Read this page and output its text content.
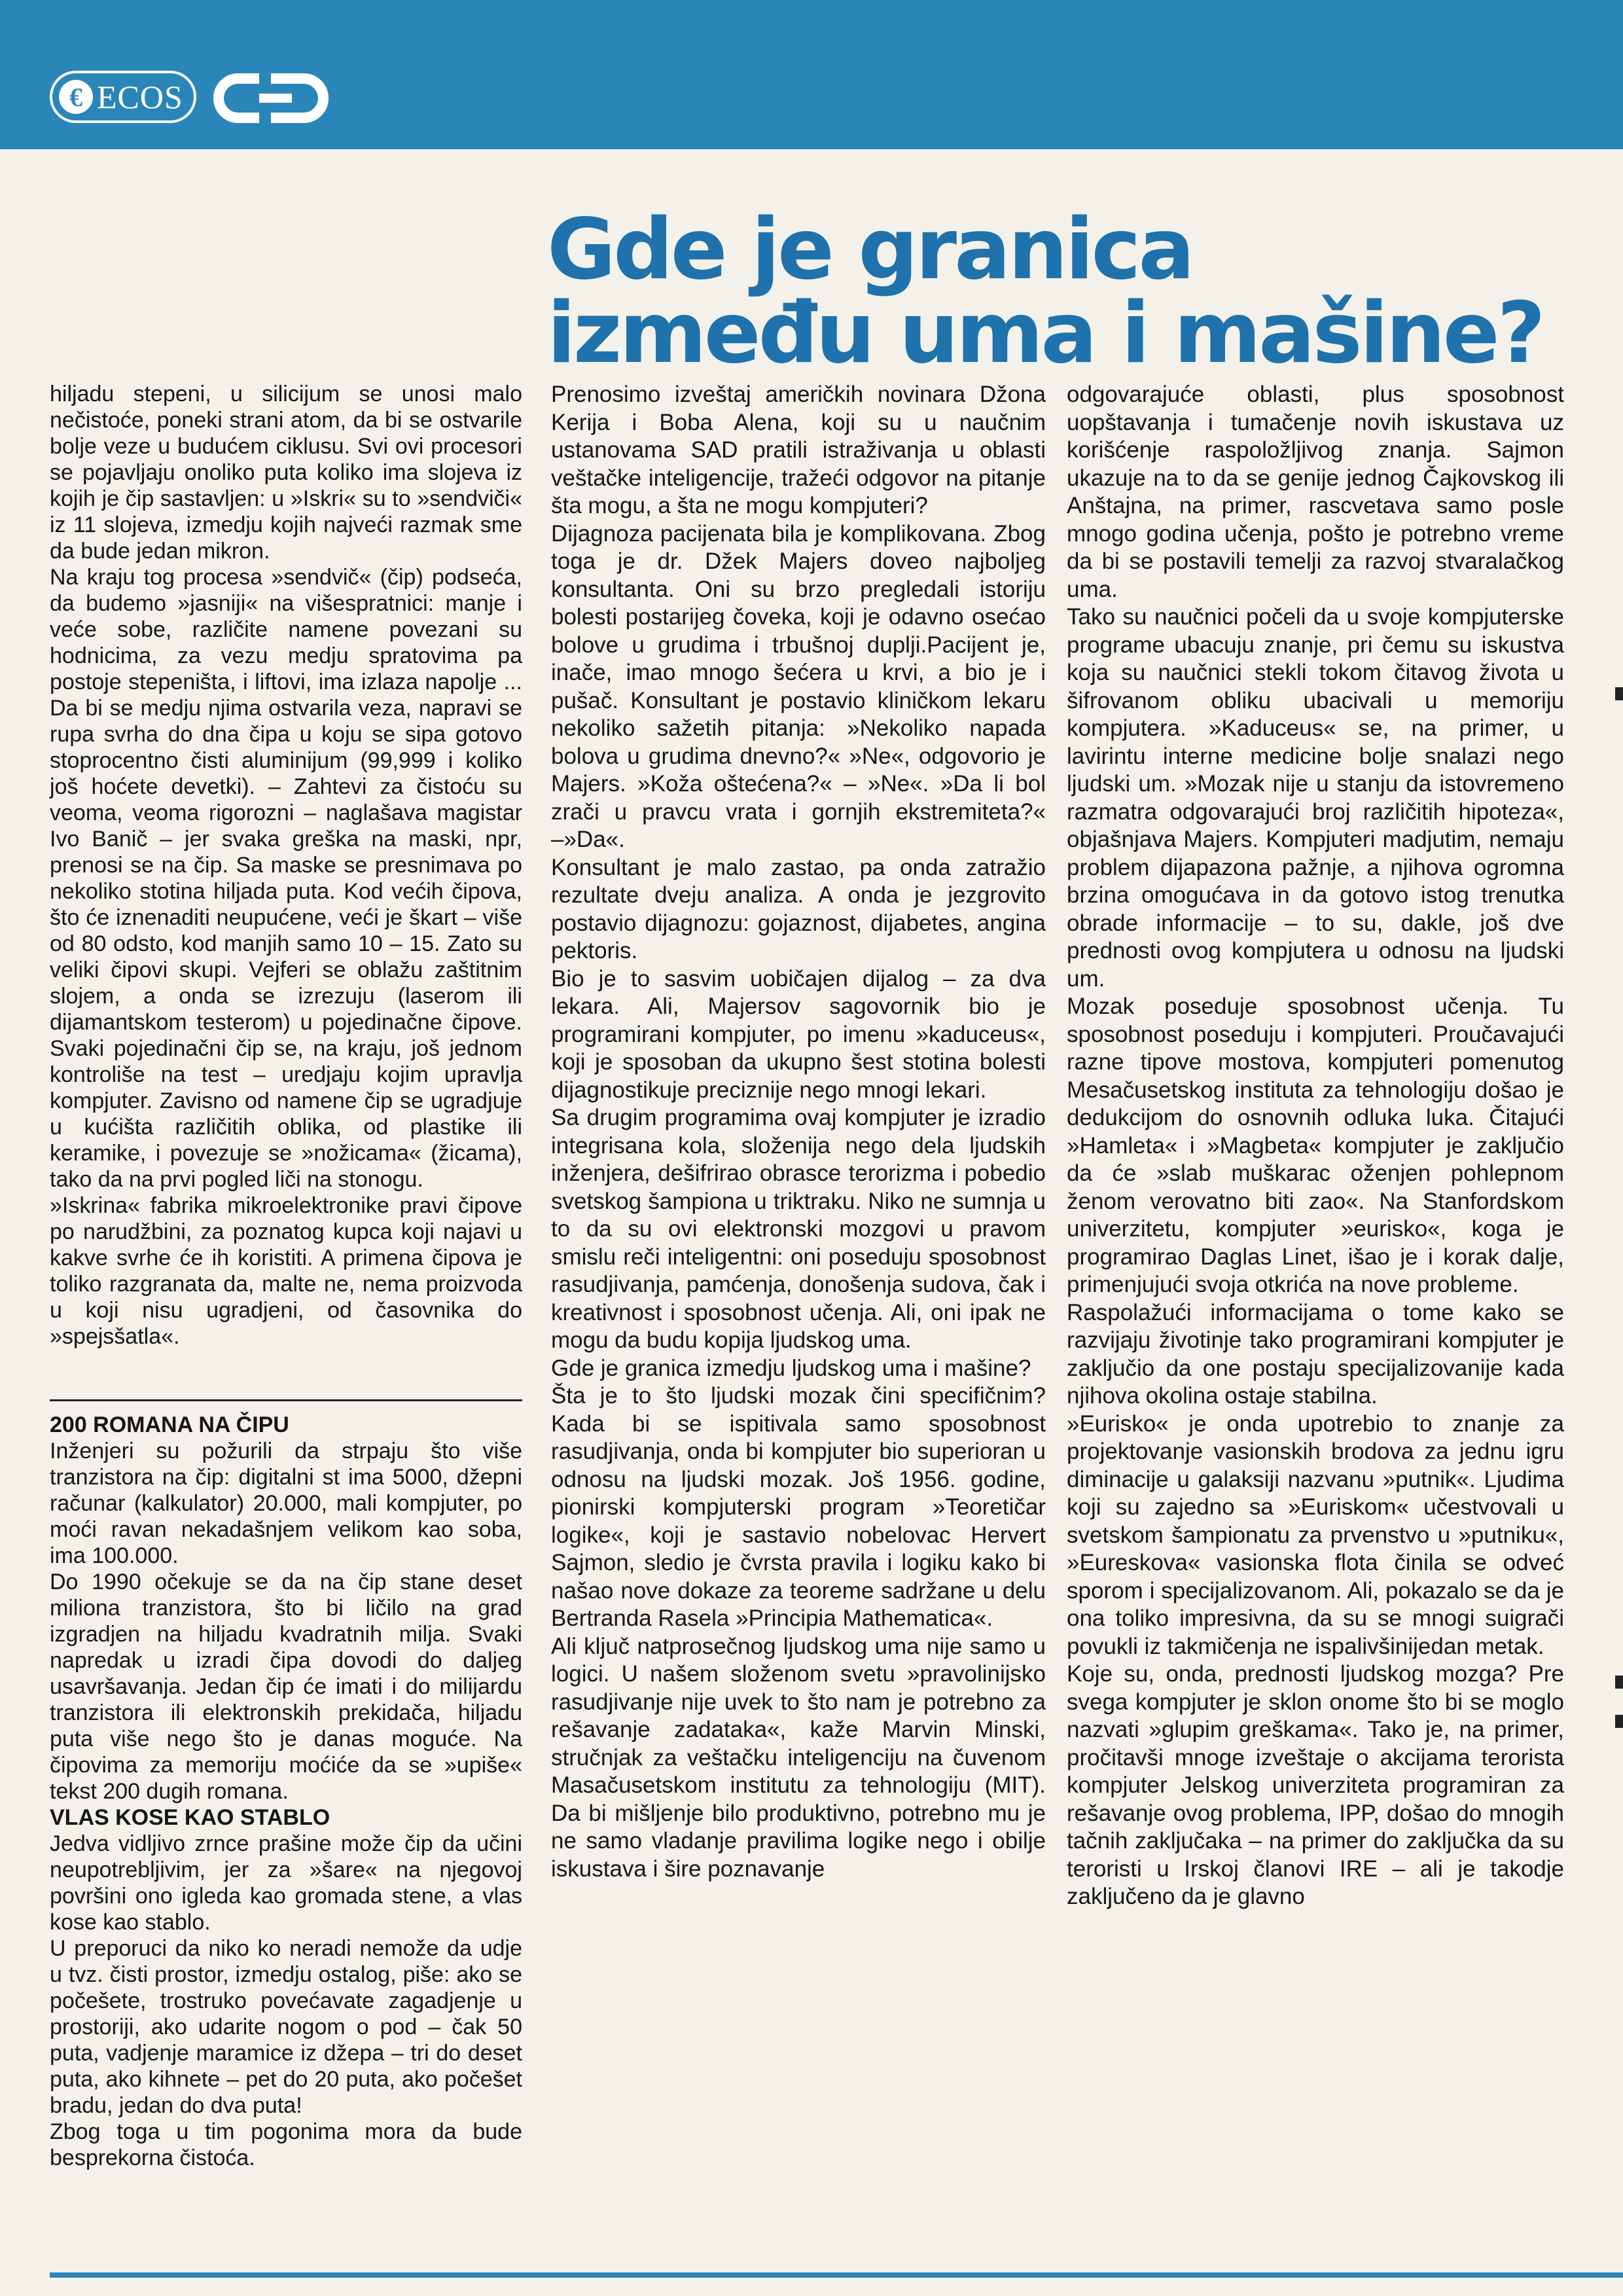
€ ECOS
Gde je granica
između uma i mašine?

hiljadu stepeni, u silicijum se unosi malo nečistoće, poneki strani atom, da bi se ostvarile bolje veze u budućem ciklusu. Svi ovi procesori se pojavljaju onoliko puta koliko ima slojeva iz kojih je čip sastavljen: u »Iskri« su to »sendviči« iz 11 slojeva, izmedju kojih najveći razmak sme da bude jedan mikron.

Na kraju tog procesa »sendvič« (čip) podseća, da budemo »jasniji« na višespratnici: manje i veće sobe, različite namene povezani su hodnicima, za vezu medju spratovima pa postoje stepeništa, i liftovi, ima izlaza napolje ... Da bi se medju njima ostvarila veza, napravi se rupa svrha do dna čipa u koju se sipa gotovo stoprocentno čisti aluminijum (99,999 i koliko još hoćete devetki). – Zahtevi za čistoću su veoma, veoma rigorozni – naglašava magistar Ivo Banič – jer svaka greška na maski, npr, prenosi se na čip. Sa maske se presnimava po nekoliko stotina hiljada puta. Kod većih čipova, što će iznenaditi neupućene, veći je škart – više od 80 odsto, kod manjih samo 10 – 15. Zato su veliki čipovi skupi. Vejferi se oblažu zaštitnim slojem, a onda se izrezuju (laserom ili dijamantskom testerom) u pojedinačne čipove. Svaki pojedinačni čip se, na kraju, još jednom kontroliše na test – uredjaju kojim upravlja kompjuter. Zavisno od namene čip se ugradjuje u kućišta različitih oblika, od plastike ili keramike, i povezuje se »nožicama« (žicama), tako da na prvi pogled liči na stonogu.

»Iskrina« fabrika mikroelektronike pravi čipove po narudžbini, za poznatog kupca koji najavi u kakve svrhe će ih koristiti. A primena čipova je toliko razgranata da, malte ne, nema proizvoda u koji nisu ugradjeni, od časovnika do »spejsšatla«.

200 ROMANA NA ČIPU

Inženjeri su požurili da strpaju što više tranzistora na čip: digitalni st ima 5000, džepni računar (kalkulator) 20.000, mali kompjuter, po moći ravan nekadašnjem velikom kao soba, ima 100.000.

Do 1990 očekuje se da na čip stane deset miliona tranzistora, što bi ličilo na grad izgradjen na hiljadu kvadratnih milja. Svaki napredak u izradi čipa dovodi do daljeg usavršavanja. Jedan čip će imati i do milijardu tranzistora ili elektronskih prekidača, hiljadu puta više nego što je danas moguće. Na čipovima za memoriju moćiće da se »upiše« tekst 200 dugih romana.

VLAS KOSE KAO STABLO

Jedva vidljivo zrnce prašine može čip da učini neupotrebljivim, jer za »šare« na njegovoj površini ono igleda kao gromada stene, a vlas kose kao stablo.

U preporuci da niko ko neradi nemože da udje u tvz. čisti prostor, izmedju ostalog, piše: ako se počešete, trostruko povećavate zagadjenje u prostoriji, ako udarite nogom o pod – čak 50 puta, vadjenje maramice iz džepa – tri do deset puta, ako kihnete – pet do 20 puta, ako počešet bradu, jedan do dva puta!

Zbog toga u tim pogonima mora da bude besprekorna čistoća.

Prenosimo izveštaj američkih novinara Džona Kerija i Boba Alena, koji su u naučnim ustanovama SAD pratili istraživanja u oblasti veštačke inteligencije, tražeći odgovor na pitanje šta mogu, a šta ne mogu kompjuteri?

Dijagnoza pacijenata bila je komplikovana. Zbog toga je dr. Džek Majers doveo najboljeg konsultanta. Oni su brzo pregledali istoriju bolesti postarijeg čoveka, koji je odavno osećao bolove u grudima i trbušnoj duplji.Pacijent je, inače, imao mnogo šećera u krvi, a bio je i pušač. Konsultant je postavio kliničkom lekaru nekoliko sažetih pitanja: »Nekoliko napada bolova u grudima dnevno?« »Ne«, odgovorio je Majers. »Koža oštećena?« – »Ne«. »Da li bol zrači u pravcu vrata i gornjih ekstremiteta?« –»Da«.

Konsultant je malo zastao, pa onda zatražio rezultate dveju analiza. A onda je jezgrovito postavio dijagnozu: gojaznost, dijabetes, angina pektoris.

Bio je to sasvim uobičajen dijalog – za dva lekara. Ali, Majersov sagovornik bio je programirani kompjuter, po imenu »kaduceus«, koji je sposoban da ukupno šest stotina bolesti dijagnostikuje preciznije nego mnogi lekari.

Sa drugim programima ovaj kompjuter je izradio integrisana kola, složenija nego dela ljudskih inženjera, dešifrirao obrasce terorizma i pobedio svetskog šampiona u triktraku. Niko ne sumnja u to da su ovi elektronski mozgovi u pravom smislu reči inteligentni: oni poseduju sposobnost rasudjivanja, pamćenja, donošenja sudova, čak i kreativnost i sposobnost učenja. Ali, oni ipak ne mogu da budu kopija ljudskog uma.

Gde je granica izmedju ljudskog uma i mašine?

Šta je to što ljudski mozak čini specifičnim? Kada bi se ispitivala samo sposobnost rasudjivanja, onda bi kompjuter bio superioran u odnosu na ljudski mozak. Još 1956. godine, pionirski kompjuterski program »Teoretičar logike«, koji je sastavio nobelovac Hervert Sajmon, sledio je čvrsta pravila i logiku kako bi našao nove dokaze za teoreme sadržane u delu Bertranda Rasela »Principia Mathematica«.

Ali ključ natprosečnog ljudskog uma nije samo u logici. U našem složenom svetu »pravolinijsko rasudjivanje nije uvek to što nam je potrebno za rešavanje zadataka«, kaže Marvin Minski, stručnjak za veštačku inteligenciju na čuvenom Masačusetskom institutu za tehnologiju (MIT). Da bi mišljenje bilo produktivno, potrebno mu je ne samo vladanje pravilima logike nego i obilje iskustava i šire poznavanje

odgovarajuće oblasti, plus sposobnost uopštavanja i tumačenje novih iskustava uz korišćenje raspoložljivog znanja. Sajmon ukazuje na to da se genije jednog Čajkovskog ili Anštajna, na primer, rascvetava samo posle mnogo godina učenja, pošto je potrebno vreme da bi se postavili temelji za razvoj stvaralačkog uma.

Tako su naučnici počeli da u svoje kompjuterske programe ubacuju znanje, pri čemu su iskustva koja su naučnici stekli tokom čitavog života u šifrovanom obliku ubacivali u memoriju kompjutera. »Kaduceus« se, na primer, u lavirintu interne medicine bolje snalazi nego ljudski um. »Mozak nije u stanju da istovremeno razmatra odgovarajući broj različitih hipoteza«, objašnjava Majers. Kompjuteri madjutim, nemaju problem dijapazona pažnje, a njihova ogromna brzina omogućava in da gotovo istog trenutka obrade informacije – to su, dakle, još dve prednosti ovog kompjutera u odnosu na ljudski um.

Mozak poseduje sposobnost učenja. Tu sposobnost poseduju i kompjuteri. Proučavajući razne tipove mostova, kompjuteri pomenutog Mesačusetskog instituta za tehnologiju došao je dedukcijom do osnovnih odluka luka. Čitajući »Hamleta« i »Magbeta« kompjuter je zaključio da će »slab muškarac oženjen pohlepnom ženom verovatno biti zao«. Na Stanfordskom univerzitetu, kompjuter »eurisko«, koga je programirao Daglas Linet, išao je i korak dalje, primenjujući svoja otkrića na nove probleme.

Raspolažući informacijama o tome kako se razvijaju životinje tako programirani kompjuter je zaključio da one postaju specijalizovanije kada njihova okolina ostaje stabilna.

»Eurisko« je onda upotrebio to znanje za projektovanje vasionskih brodova za jednu igru diminacije u galaksiji nazvanu »putnik«. Ljudima koji su zajedno sa »Euriskom« učestvovali u svetskom šampionatu za prvenstvo u »putniku«, »Eureskova« vasionska flota činila se odveć sporom i specijalizovanom. Ali, pokazalo se da je ona toliko impresivna, da su se mnogi suigrači povukli iz takmičenja ne ispalivšinijedan metak.

Koje su, onda, prednosti ljudskog mozga? Pre svega kompjuter je sklon onome što bi se moglo nazvati »glupim greškama«. Tako je, na primer, pročitavši mnoge izveštaje o akcijama terorista kompjuter Jelskog univerziteta programiran za rešavanje ovog problema, IPP, došao do mnogih tačnih zaključaka – na primer do zaključka da su teroristi u Irskoj članovi IRE – ali je takodje zaključeno da je glavno
